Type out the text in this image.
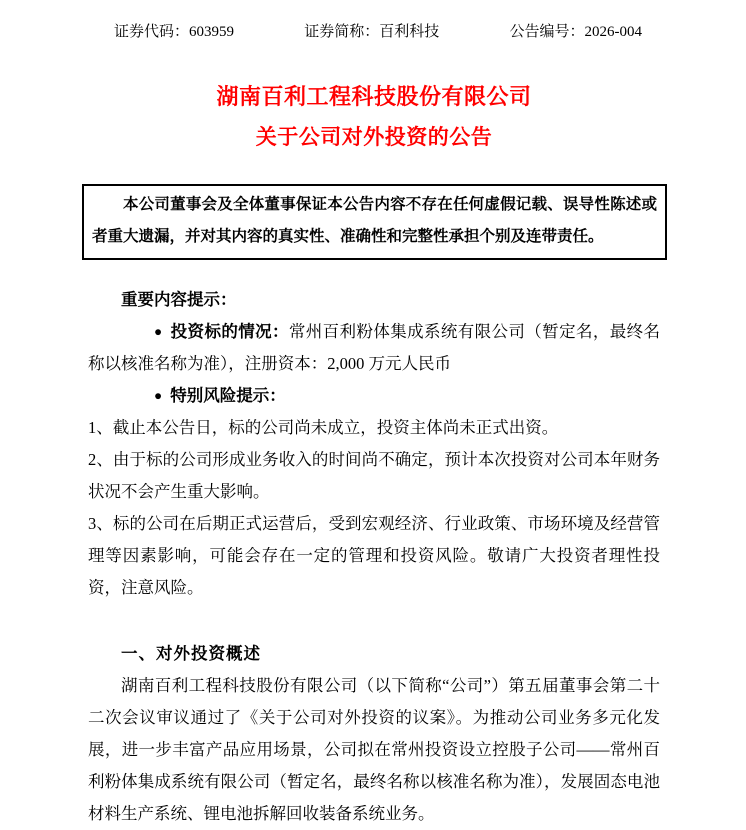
证券代码：603959	证券简称：百利科技	公告编号：2026-004
湖南百利工程科技股份有限公司
关于公司对外投资的公告

本公司董事会及全体董事保证本公告内容不存在任何虚假记载、误导性陈述或者重大遗漏，并对其内容的真实性、准确性和完整性承担个别及连带责任。

重要内容提示：

● 投资标的情况：常州百利粉体集成系统有限公司（暂定名，最终名称以核准名称为准），注册资本：2,000 万元人民币

● 特别风险提示：

1、截止本公告日，标的公司尚未成立，投资主体尚未正式出资。

2、由于标的公司形成业务收入的时间尚不确定，预计本次投资对公司本年财务状况不会产生重大影响。

3、标的公司在后期正式运营后，受到宏观经济、行业政策、市场环境及经营管理等因素影响，可能会存在一定的管理和投资风险。敬请广大投资者理性投资，注意风险。

一、对外投资概述

湖南百利工程科技股份有限公司（以下简称“公司”）第五届董事会第二十二次会议审议通过了《关于公司对外投资的议案》。为推动公司业务多元化发展，进一步丰富产品应用场景，公司拟在常州投资设立控股子公司——常州百利粉体集成系统有限公司（暂定名，最终名称以核准名称为准），发展固态电池材料生产系统、锂电池拆解回收装备系统业务。
